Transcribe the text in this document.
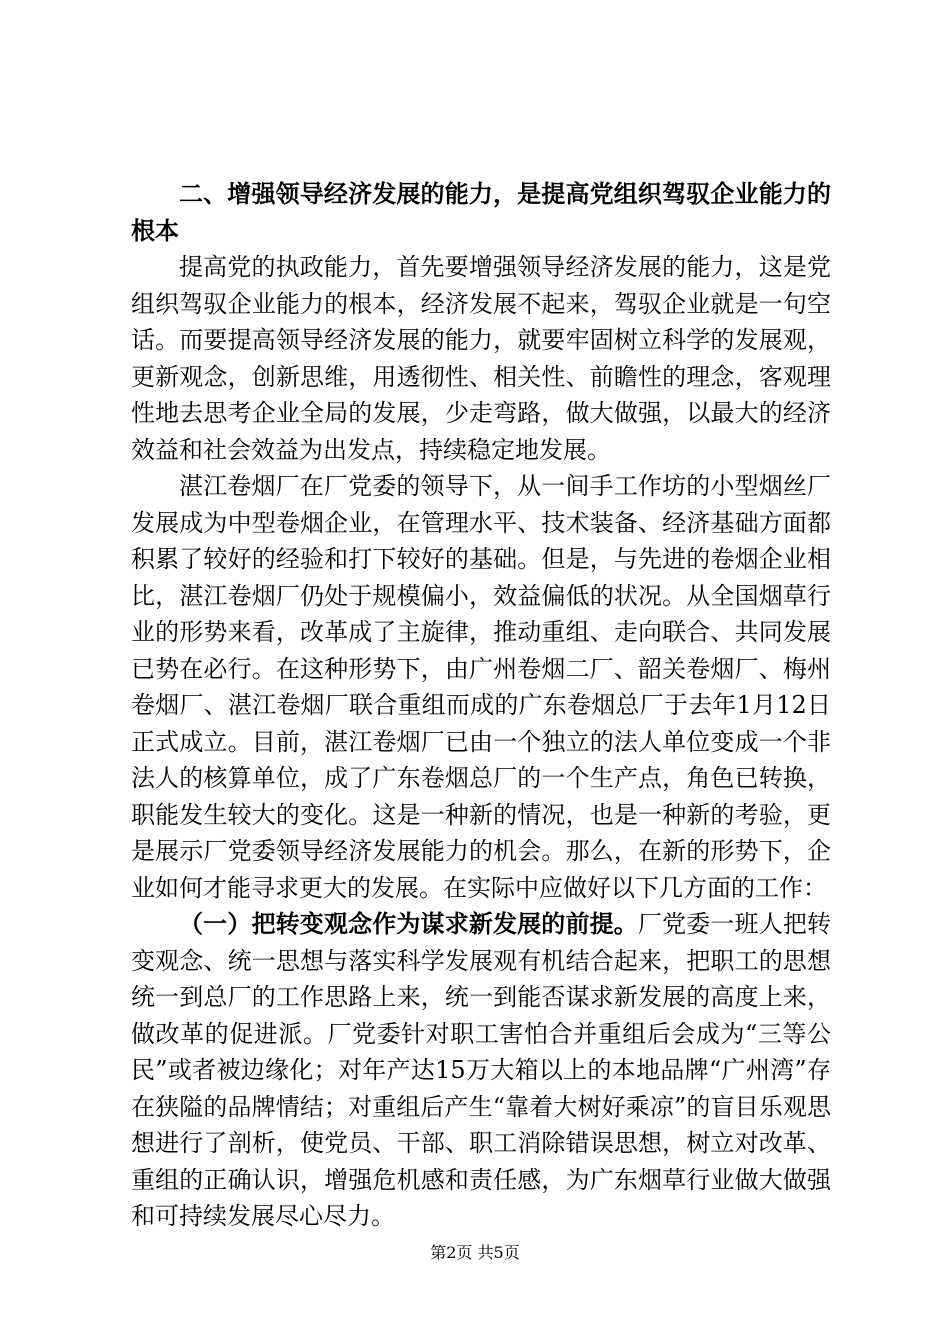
二、增强领导经济发展的能力，是提高党组织驾驭企业能力的根本

提高党的执政能力，首先要增强领导经济发展的能力，这是党组织驾驭企业能力的根本，经济发展不起来，驾驭企业就是一句空话。而要提高领导经济发展的能力，就要牢固树立科学的发展观，更新观念，创新思维，用透彻性、相关性、前瞻性的理念，客观理性地去思考企业全局的发展，少走弯路，做大做强，以最大的经济效益和社会效益为出发点，持续稳定地发展。

湛江卷烟厂在厂党委的领导下，从一间手工作坊的小型烟丝厂发展成为中型卷烟企业，在管理水平、技术装备、经济基础方面都积累了较好的经验和打下较好的基础。但是，与先进的卷烟企业相比，湛江卷烟厂仍处于规模偏小，效益偏低的状况。从全国烟草行业的形势来看，改革成了主旋律，推动重组、走向联合、共同发展已势在必行。在这种形势下，由广州卷烟二厂、韶关卷烟厂、梅州卷烟厂、湛江卷烟厂联合重组而成的广东卷烟总厂于去年1月12日正式成立。目前，湛江卷烟厂已由一个独立的法人单位变成一个非法人的核算单位，成了广东卷烟总厂的一个生产点，角色已转换，职能发生较大的变化。这是一种新的情况，也是一种新的考验，更是展示厂党委领导经济发展能力的机会。那么，在新的形势下，企业如何才能寻求更大的发展。在实际中应做好以下几方面的工作：

（一）把转变观念作为谋求新发展的前提。厂党委一班人把转变观念、统一思想与落实科学发展观有机结合起来，把职工的思想统一到总厂的工作思路上来，统一到能否谋求新发展的高度上来，做改革的促进派。厂党委针对职工害怕合并重组后会成为“三等公民”或者被边缘化；对年产达15万大箱以上的本地品牌“广州湾”存在狭隘的品牌情结；对重组后产生“靠着大树好乘凉”的盲目乐观思想进行了剖析，使党员、干部、职工消除错误思想，树立对改革、重组的正确认识，增强危机感和责任感，为广东烟草行业做大做强和可持续发展尽心尽力。

第2页 共5页
